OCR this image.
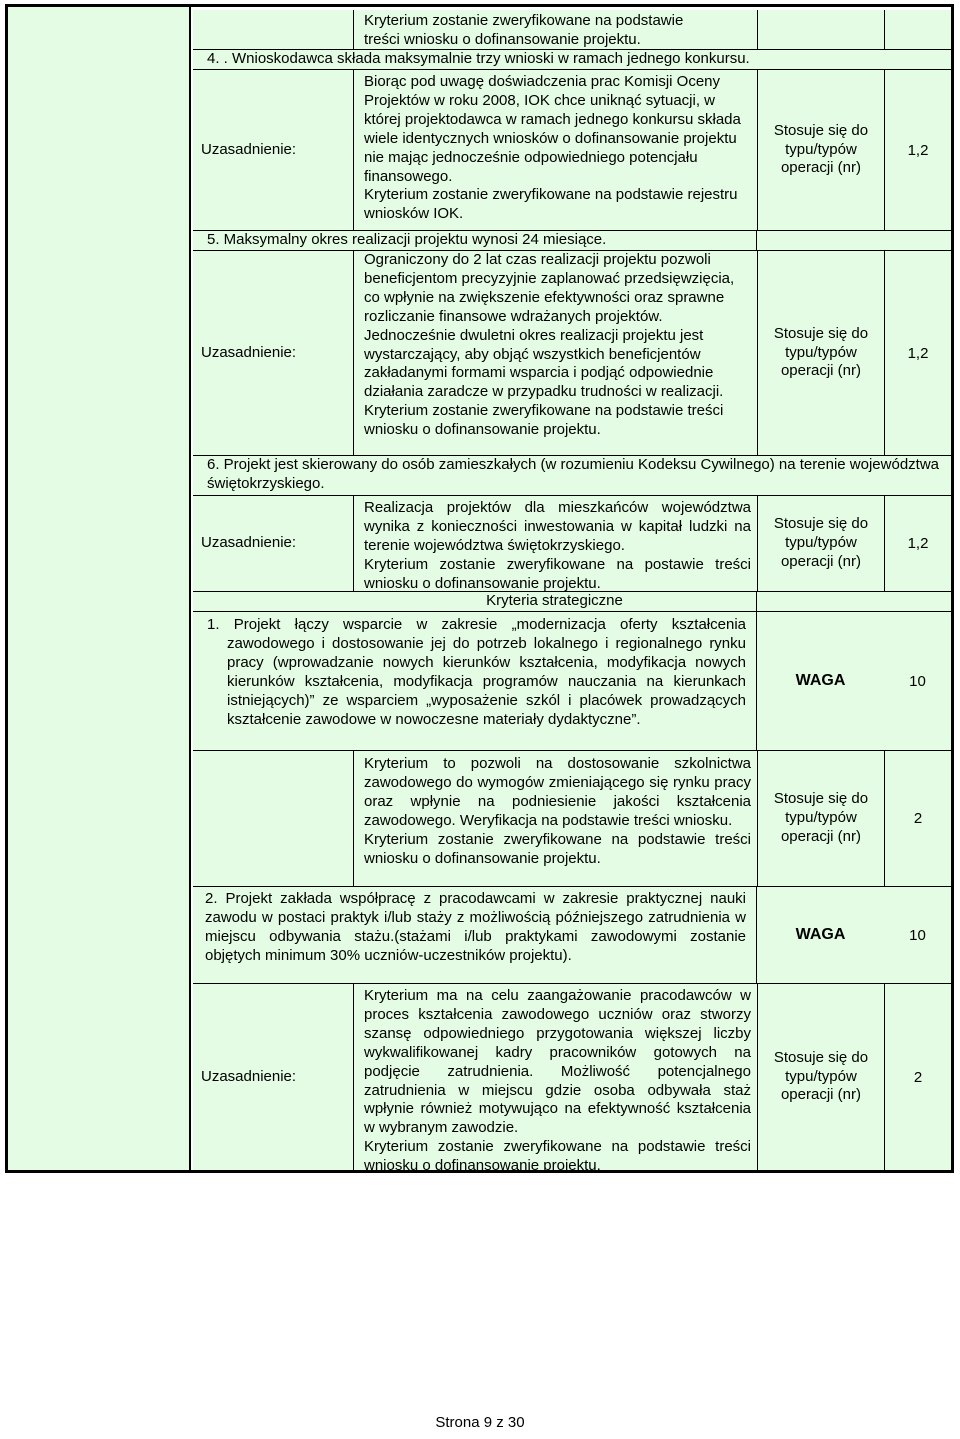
Kryterium zostanie zweryfikowane na podstawie
treści wniosku o dofinansowanie projektu.
4. . Wnioskodawca składa maksymalnie trzy wnioski w ramach jednego konkursu.
Uzasadnienie:
Biorąc pod uwagę doświadczenia prac Komisji Oceny Projektów w roku 2008, IOK chce uniknąć sytuacji, w której projektodawca w ramach jednego konkursu składa wiele identycznych wniosków o dofinansowanie projektu nie mając jednocześnie odpowiedniego potencjału finansowego.
Kryterium zostanie zweryfikowane na podstawie rejestru wniosków IOK.
Stosuje się do
typu/typów
operacji (nr)
1,2
5. Maksymalny okres realizacji projektu wynosi 24 miesiące.
Uzasadnienie:
Ograniczony do 2 lat czas realizacji projektu pozwoli beneficjentom precyzyjnie zaplanować przedsięwzięcia, co wpłynie na zwiększenie efektywności oraz sprawne rozliczanie finansowe wdrażanych projektów. Jednocześnie dwuletni okres realizacji projektu jest wystarczający, aby objąć wszystkich beneficjentów zakładanymi formami wsparcia i podjąć odpowiednie działania zaradcze w przypadku trudności w realizacji.
Kryterium zostanie zweryfikowane na podstawie treści wniosku o dofinansowanie projektu.
Stosuje się do
typu/typów
operacji (nr)
1,2
6. Projekt jest skierowany do osób zamieszkałych (w rozumieniu Kodeksu Cywilnego) na terenie województwa świętokrzyskiego.
Uzasadnienie:
Realizacja projektów dla mieszkańców województwa wynika z konieczności inwestowania w kapitał ludzki na terenie województwa świętokrzyskiego.
Kryterium zostanie zweryfikowane na postawie treści wniosku o dofinansowanie projektu.
Stosuje się do
typu/typów
operacji (nr)
1,2
Kryteria strategiczne
1. Projekt łączy wsparcie w zakresie „modernizacja oferty kształcenia zawodowego i dostosowanie jej do potrzeb lokalnego i regionalnego rynku pracy (wprowadzanie nowych kierunków kształcenia, modyfikacja nowych kierunków kształcenia, modyfikacja programów nauczania na kierunkach istniejących)” ze wsparciem „wyposażenie szkól i placówek prowadzących kształcenie zawodowe w nowoczesne materiały dydaktyczne”.
WAGA	10
Kryterium to pozwoli na dostosowanie szkolnictwa zawodowego do wymogów zmieniającego się rynku pracy oraz wpłynie na podniesienie jakości kształcenia zawodowego. Weryfikacja na podstawie treści wniosku.
Kryterium zostanie zweryfikowane na podstawie treści wniosku o dofinansowanie projektu.
Stosuje się do
typu/typów
operacji (nr)
2
2. Projekt zakłada współpracę z pracodawcami w zakresie praktycznej nauki zawodu w postaci praktyk i/lub staży z możliwością późniejszego zatrudnienia w miejscu odbywania stażu.(stażami i/lub praktykami zawodowymi zostanie objętych minimum 30% uczniów-uczestników projektu).
WAGA	10
Uzasadnienie:
Kryterium ma na celu zaangażowanie pracodawców w proces kształcenia zawodowego uczniów oraz stworzy szansę odpowiedniego przygotowania większej liczby wykwalifikowanej kadry pracowników gotowych na podjęcie zatrudnienia. Możliwość potencjalnego zatrudnienia w miejscu gdzie osoba odbywała staż wpłynie również motywująco na efektywność kształcenia w wybranym zawodzie.
Kryterium zostanie zweryfikowane na podstawie treści wniosku o dofinansowanie projektu.
Stosuje się do
typu/typów
operacji (nr)
2
Strona 9 z 30
